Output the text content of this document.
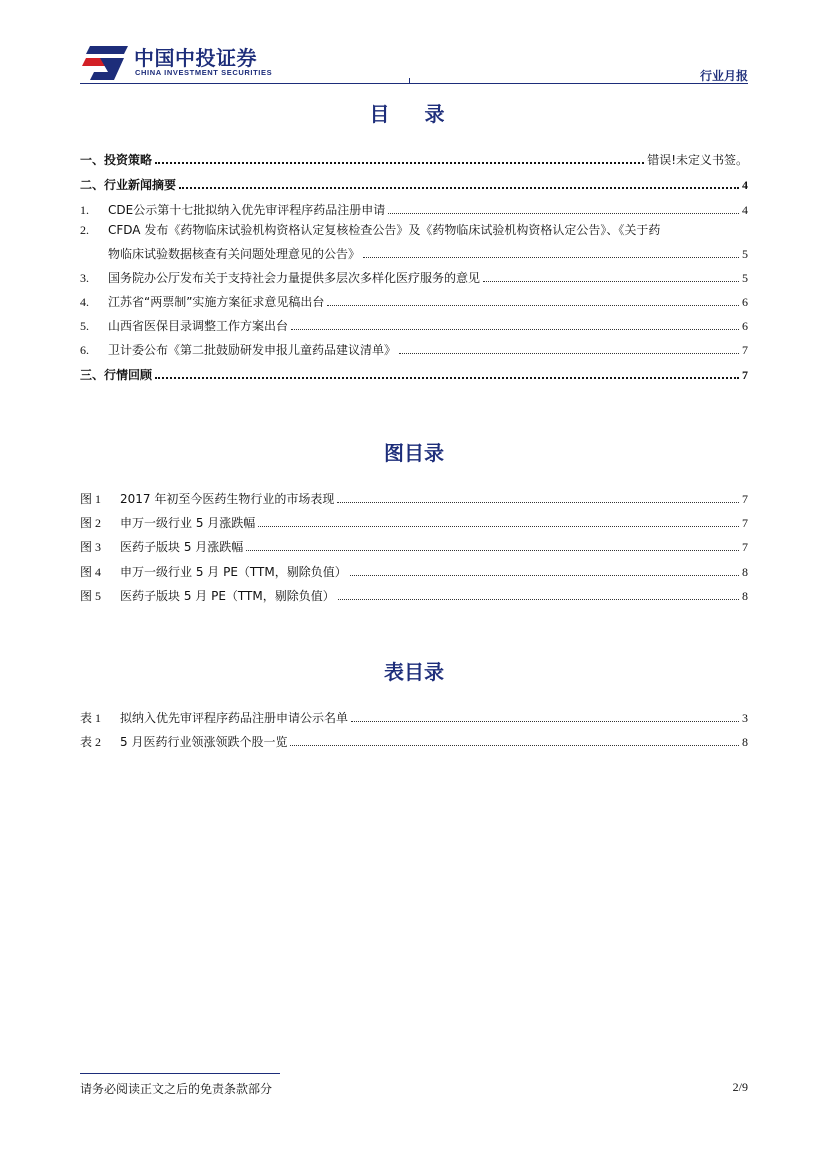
中国中投证券
CHINA INVESTMENT SECURITIES	行业月报
目 录
一、投资策略	错误!未定义书签。
二、行业新闻摘要	4
1.	CDE公示第十七批拟纳入优先审评程序药品注册申请	4
2. CFDA 发布《药物临床试验机构资格认定复核检查公告》及《药物临床试验机构资格认定公告》、《关于药
物临床试验数据核查有关问题处理意见的公告》	5
3.	国务院办公厅发布关于支持社会力量提供多层次多样化医疗服务的意见	5
4.	江苏省“两票制”实施方案征求意见稿出台	6
5.	山西省医保目录调整工作方案出台	6
6.	卫计委公布《第二批鼓励研发申报儿童药品建议清单》	7
三、行情回顾	7
图目录
图 1	2017 年初至今医药生物行业的市场表现	7
图 2	申万一级行业 5 月涨跌幅	7
图 3	医药子版块 5 月涨跌幅	7
图 4	申万一级行业 5 月 PE（TTM，剔除负值）	8
图 5	医药子版块 5 月 PE（TTM，剔除负值）	8
表目录
表 1	拟纳入优先审评程序药品注册申请公示名单	3
表 2	5 月医药行业领涨领跌个股一览	8
请务必阅读正文之后的免责条款部分	2/9
